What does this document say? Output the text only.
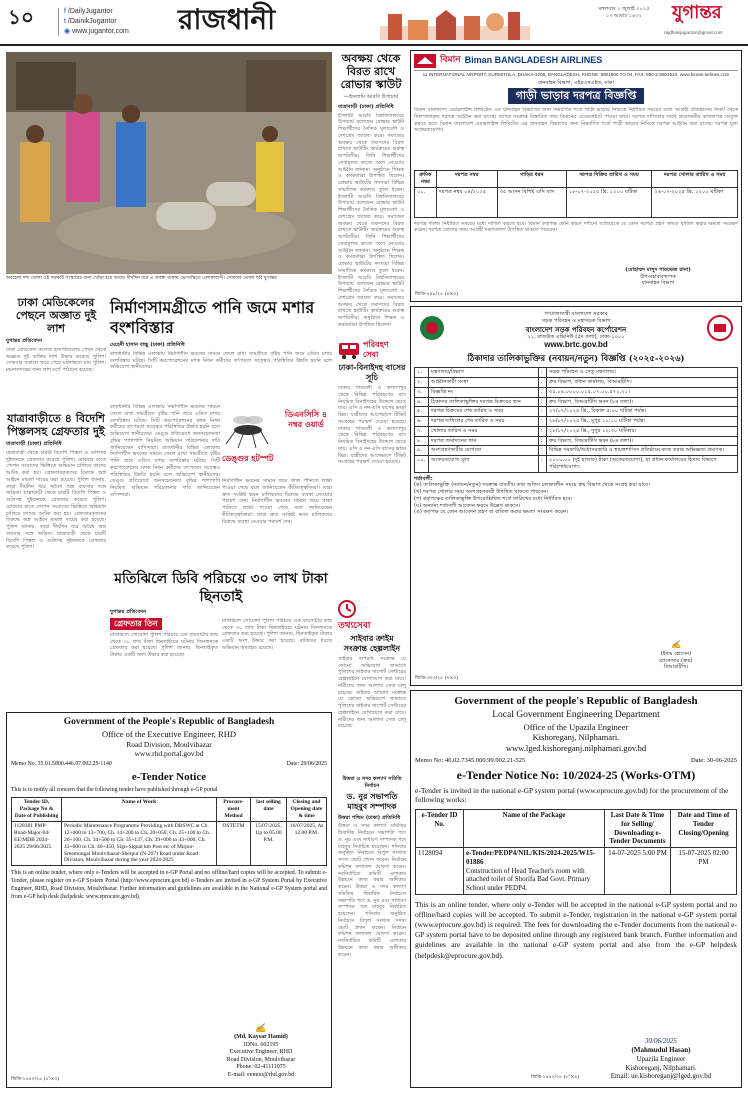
১০	f /DailyJugantor
t /DainikJugantor
◉ www.jugantor.com রাজধানী	মঙ্গলবার ১ জুলাই ২০২৫
১৭ আষাঢ় ১৪৩২	যুগান্তর
rajdhanijugantor@gmail.com
অবহেলা দশা খোলা ওই সড়কটি সংস্কারের জন্য খোঁড়া হয়ে আছে। দীর্ঘদিন ধরে এ অবস্থা থাকায় ভোগান্তিতে এলাকাবাসী। সোমবার তোলা ছবি যুগান্তর
অবক্ষয় থেকে বিরত রাখে রোভার স্কাউট
—ইসলামি আরবি উপাচার্য
যাত্রাবাড়ী (ঢাকা) প্রতিনিধি
ইসলামী আরবি বিশ্ববিদ্যালয়ের উপাচার্য বলেছেন রোভার স্কাউট শিক্ষার্থীদের নৈতিক মূল্যবোধ ও দেশপ্রেম জাগ্রত করে। সমাজের অবক্ষয় থেকে তরুণদের বিরত রাখতে স্কাউটিং কার্যক্রমের গুরুত্ব অপরিসীম। তিনি শিক্ষার্থীদের সেবামূলক কাজে অংশ নেওয়ার আহ্বান জানান। অনুষ্ঠানে শিক্ষক ও কর্মকর্তারা উপস্থিত ছিলেন। রোভার স্কাউটের সদস্যরা বিভিন্ন সামাজিক কর্মকাণ্ড তুলে ধরেন। ইসলামী আরবি বিশ্ববিদ্যালয়ের উপাচার্য বলেছেন রোভার স্কাউট শিক্ষার্থীদের নৈতিক মূল্যবোধ ও দেশপ্রেম জাগ্রত করে। সমাজের অবক্ষয় থেকে তরুণদের বিরত রাখতে স্কাউটিং কার্যক্রমের গুরুত্ব অপরিসীম। তিনি শিক্ষার্থীদের সেবামূলক কাজে অংশ নেওয়ার আহ্বান জানান। অনুষ্ঠানে শিক্ষক ও কর্মকর্তারা উপস্থিত ছিলেন। রোভার স্কাউটের সদস্যরা বিভিন্ন সামাজিক কর্মকাণ্ড তুলে ধরেন। ইসলামী আরবি বিশ্ববিদ্যালয়ের উপাচার্য বলেছেন রোভার স্কাউট শিক্ষার্থীদের নৈতিক মূল্যবোধ ও দেশপ্রেম জাগ্রত করে। সমাজের অবক্ষয় থেকে তরুণদের বিরত রাখতে স্কাউটিং কার্যক্রমের গুরুত্ব অপরিসীম। অনুষ্ঠানে শিক্ষক ও কর্মকর্তারা উপস্থিত ছিলেন।
বিমান Biman BANGLADESH AIRLINES
11 INTERNATIONAL AIRPORT, KURMITOLA, DHAKA-1206, BANGLADESH, PHONE: 8901600 TO 04, FAX: 880-2-8901524, www.biman-airlines.com
যানবাহন বিভাগ, এইচএসএইড, ঢাকা
গাড়ী ভাড়ার দরপত্র বিজ্ঞপ্তি
বিমান বাংলাদেশ এয়ারলাইন্স লিমিটেড এর যানবাহন বিভাগের জন্য নিম্নবর্ণিত শর্তে গাড়ী ভাড়ার নিমিত্তে নির্ধারিত সময়ের মধ্যে আগ্রহী প্রতিষ্ঠানের নিকট থেকে সিলগালাকৃত দরপত্র আহ্বান করা যাচ্ছে। দরপত্র সংক্রান্ত বিস্তারিত তথ্য বিমানের ওয়েবসাইটে পাওয়া যাবে। দরপত্র দাখিলের সাথে প্রয়োজনীয় কাগজপত্র সংযুক্ত করতে হবে। বিমান বাংলাদেশ এয়ারলাইন্স লিমিটেড এর যানবাহন বিভাগের জন্য নিম্নবর্ণিত শর্তে গাড়ী ভাড়ার নিমিত্তে দরপত্র আহ্বান করা যাচ্ছে। দরপত্র মূল্য অফেরতযোগ্য।
ক্রমিক নম্বর	দরপত্র নম্বর	গাড়ির ধরন	দরপত্র বিক্রির তারিখ ও সময়	দরপত্র খোলার তারিখ ও সময়
০১.	দরপত্র নম্বর ০৪/২০২৫	৩৫ আসন বিশিষ্ট এসি বাস	১৮-০৭-২০২৫ খ্রি. ১২০০ ঘটিকা	২৪-০৭-২০২৫ খ্রি. ১২০০ ঘটিকা
দরপত্র দলিল নির্ধারিত সময়ের মধ্যে দাখিল করতে হবে। বিমান কর্তৃপক্ষ কোন কারণ দর্শানো ব্যতিরেকে যে কোন দরপত্র গ্রহণ অথবা বাতিল করার ক্ষমতা সংরক্ষণ করেন। দরপত্র খোলার সময় আগ্রহী দরদাতাগণ উপস্থিত থাকতে পারবেন।
(মোহাম্মদ মাসুদ পারভেজ রানা)
উপ-মহাব্যবস্থাপক
যানবাহন বিভাগ
জিডি-৭৯৮/২৫ (৪×৩)
ঢাকা মেডিকেলের পেছনে অজ্ঞাত দুই লাশ
যুগান্তর প্রতিবেদন
ঢাকা মেডিকেল কলেজ হাসপাতালের পেছন থেকে অজ্ঞাত দুই ব্যক্তির লাশ উদ্ধার করেছে পুলিশ। সোমবার সকালে খবর পেয়ে ঘটনাস্থলে যায় পুলিশ। ময়নাতদন্তের জন্য লাশ মর্গে পাঠানো হয়েছে।
নির্মাণসামগ্রীতে পানি জমে মশার বংশবিস্তার
মেহেদী হাসান বাচ্চু (ঢাকা) প্রতিনিধি
রাজধানীর বিভিন্ন এলাকায় নির্মাণাধীন ভবনের সামনে ফেলে রাখা সামগ্রীতে বৃষ্টির পানি জমে এডিস মশার বংশবিস্তার ঘটছে। সিটি করপোরেশনের মশক নিধন কর্মীদের তৎপরতা সত্ত্বেও পরিস্থিতির উন্নতি হয়নি বলে অভিযোগ স্থানীয়দের।
রাজধানীর বিভিন্ন এলাকায় নির্মাণাধীন ভবনের সামনে ফেলে রাখা সামগ্রীতে বৃষ্টির পানি জমে এডিস মশার বংশবিস্তার ঘটছে। সিটি করপোরেশনের মশক নিধন কর্মীদের তৎপরতা সত্ত্বেও পরিস্থিতির উন্নতি হয়নি বলে অভিযোগ স্থানীয়দের। ডেঙ্গু প্রতিরোধে জনসচেতনতা বৃদ্ধির পাশাপাশি নিয়মিত অভিযান পরিচালনার দাবি জানিয়েছেন বাসিন্দারা। রাজধানীর বিভিন্ন এলাকায় নির্মাণাধীন ভবনের সামনে ফেলে রাখা সামগ্রীতে বৃষ্টির পানি জমে এডিস মশার বংশবিস্তার ঘটছে। সিটি করপোরেশনের মশক নিধন কর্মীদের তৎপরতা সত্ত্বেও পরিস্থিতির উন্নতি হয়নি বলে অভিযোগ স্থানীয়দের। ডেঙ্গু প্রতিরোধে জনসচেতনতা বৃদ্ধির পাশাপাশি নিয়মিত অভিযান পরিচালনার দাবি জানিয়েছেন বাসিন্দারা।
ডেঙ্গুর হটস্পট
ডিএনসিসি ৪ নম্বর ওয়ার্ড
নির্মাণাধীন ভবনের সামনে জমে থাকা পানিতে লার্ভা পাওয়া গেছে বলে জানিয়েছেন কীটতত্ত্ববিদরা। তারা দ্রুত সংশ্লিষ্ট ভবন মালিকদের বিরুদ্ধে ব্যবস্থা নেওয়ার পরামর্শ দেন। নির্মাণাধীন ভবনের সামনে জমে থাকা পানিতে লার্ভা পাওয়া গেছে বলে জানিয়েছেন কীটতত্ত্ববিদরা। তারা দ্রুত সংশ্লিষ্ট ভবন মালিকদের বিরুদ্ধে ব্যবস্থা নেওয়ার পরামর্শ দেন।
যাত্রাবাড়ীতে ৪ বিদেশি পিস্তলসহ গ্রেফতার দুই
যাত্রাবাড়ী (ঢাকা) প্রতিনিধি
যাত্রাবাড়ী থেকে চারটি বিদেশি পিস্তল ও গুলিসহ দুইজনকে গ্রেফতার করেছে পুলিশ। রোববার রাতে গোপন সংবাদের ভিত্তিতে অভিযান চালিয়ে তাদের আটক করা হয়। গ্রেফতারকৃতদের বিরুদ্ধে অস্ত্র আইনে মামলা দায়ের করা হয়েছে। পুলিশ জানায়, তারা দীর্ঘদিন ধরে অবৈধ অস্ত্র ব্যবসার সঙ্গে জড়িত। যাত্রাবাড়ী থেকে চারটি বিদেশি পিস্তল ও গুলিসহ দুইজনকে গ্রেফতার করেছে পুলিশ। রোববার রাতে গোপন সংবাদের ভিত্তিতে অভিযান চালিয়ে তাদের আটক করা হয়। গ্রেফতারকৃতদের বিরুদ্ধে অস্ত্র আইনে মামলা দায়ের করা হয়েছে। পুলিশ জানায়, তারা দীর্ঘদিন ধরে অবৈধ অস্ত্র ব্যবসার সঙ্গে জড়িত। যাত্রাবাড়ী থেকে চারটি বিদেশি পিস্তল ও গুলিসহ দুইজনকে গ্রেফতার করেছে পুলিশ।
মতিঝিলে ডিবি পরিচয়ে ৩০ লাখ টাকা ছিনতাই
যুগান্তর প্রতিবেদন
গ্রেফতার তিন
মতিঝিলে গোয়েন্দা পুলিশ পরিচয়ে এক ব্যবসায়ীর কাছ থেকে ৩০ লাখ টাকা ছিনতাইয়ের ঘটনায় তিনজনকে গ্রেফতার করা হয়েছে। পুলিশ জানায়, ছিনতাইকৃত টাকার একটি অংশ উদ্ধার করা হয়েছে।
মতিঝিলে গোয়েন্দা পুলিশ পরিচয়ে এক ব্যবসায়ীর কাছ থেকে ৩০ লাখ টাকা ছিনতাইয়ের ঘটনায় তিনজনকে গ্রেফতার করা হয়েছে। পুলিশ জানায়, ছিনতাইকৃত টাকার একটি অংশ উদ্ধার করা হয়েছে। বাকিদের ধরতে অভিযান অব্যাহত রয়েছে।
পরিবহণ
সেবা
ঢাকা-বিনাইদহ বাসের সূচি
ঢাকার গাবতলী ও কল্যাণপুর থেকে বিভিন্ন পরিবহণের বাস নিয়মিত বিনাইদহের উদ্দেশে ছেড়ে যায়। এসি ও নন-এসি বাসের ভাড়া ভিন্ন। যাত্রীদের আগেভাগে টিকিট সংগ্রহের পরামর্শ দেওয়া হয়েছে। ঢাকার গাবতলী ও কল্যাণপুর থেকে বিভিন্ন পরিবহণের বাস নিয়মিত বিনাইদহের উদ্দেশে ছেড়ে যায়। এসি ও নন-এসি বাসের ভাড়া ভিন্ন। যাত্রীদের আগেভাগে টিকিট সংগ্রহের পরামর্শ দেওয়া হয়েছে।
তথ্যসেবা
সাইবার ক্রাইম সংক্রান্ত হেল্পলাইন
সাইবার অপরাধ সংক্রান্ত যে কোনো অভিযোগ জানাতে পুলিশের সাইবার সাপোর্ট সেন্টারের হেল্পলাইনে যোগাযোগ করা যাবে। নারীদের জন্য আলাদা সেবা চালু রয়েছে। সাইবার অপরাধ সংক্রান্ত যে কোনো অভিযোগ জানাতে পুলিশের সাইবার সাপোর্ট সেন্টারের হেল্পলাইনে যোগাযোগ করা যাবে। নারীদের জন্য আলাদা সেবা চালু রয়েছে।
উত্তরা ও সদর কল্যাণ সমিতি নির্বাচন
ড. নুর সভাপতি মাহবুব সম্পাদক
উত্তরা পশ্চিম (ঢাকা) প্রতিনিধি
উত্তরা ও সদর কল্যাণ সমিতির দ্বিবার্ষিক নির্বাচনে সভাপতি পদে ড. নুর এবং সাধারণ সম্পাদক পদে মাহবুব নির্বাচিত হয়েছেন। শনিবার অনুষ্ঠিত নির্বাচনে বিপুল সংখ্যক সদস্য ভোট প্রদান করেন। নির্বাচন কমিশন ফলাফল ঘোষণা করেন। নবনির্বাচিত কমিটি এলাকার উন্নয়নে কাজ করার অঙ্গীকার করেন। উত্তরা ও সদর কল্যাণ সমিতির দ্বিবার্ষিক নির্বাচনে সভাপতি পদে ড. নুর এবং সাধারণ সম্পাদক পদে মাহবুব নির্বাচিত হয়েছেন। শনিবার অনুষ্ঠিত নির্বাচনে বিপুল সংখ্যক সদস্য ভোট প্রদান করেন। নির্বাচন কমিশন ফলাফল ঘোষণা করেন। নবনির্বাচিত কমিটি এলাকার উন্নয়নে কাজ করার অঙ্গীকার করেন।
গণপ্রজাতন্ত্রী বাংলাদেশ সরকার
সড়ক পরিবহন ও মহাসড়ক বিভাগ
বাংলাদেশ সড়ক পরিবহন কর্পোরেশন
২১, রাজউক এভিনিউ (৫ম তলা), ঢাকা-১০০০
www.brtc.gov.bd
ঠিকাদার তালিকাভুক্তির (নবায়ন/নতুন) বিজ্ঞপ্তি (২০২৫-২০২৬)
১.	মন্ত্রণালয়/বিভাগ	:	সড়ক পরিবহন ও সেতু মন্ত্রণালয়।
২.	আহ্বানকারী সংস্থা	:	ক্রয় বিভাগ, প্রধান কার্যালয়, বিআরটিসি।
৩.	বিজ্ঞপ্তি নং	:	৩৫.০৪.০০০০.০১৫.০৭.০০.৫৭২.২১।
৪.	ঠিকাদার তালিকাভুক্তির দরপত্র বিক্রয়ের স্থান	:	ক্রয় বিভাগ, বিআরটিসি ভবন (৮ম তলা)।
৫.	দরপত্র বিক্রয়ের শেষ তারিখ ও সময়	:	২৭/০৭/২০২৫ খ্রি., বিকাল ৫:০০ ঘটিকা পর্যন্ত।
৬.	দরপত্র দাখিলের শেষ তারিখ ও সময়	:	২৮/০৭/২০২৫ খ্রি., দুপুর ১২:০০ ঘটিকা পর্যন্ত।
৭.	খোলার তারিখ ও সময়	:	২৮/০৭/২০২৫ খ্রি., দুপুর ১২:৩০ ঘটিকায়।
৮.	দরপত্র জমাদানের স্থান	:	ক্রয় বিভাগ, বিআরটিসি ভবন (৮ম তলা)।
৯.	অংশগ্রহণকারীর যোগ্যতা	:	বিভিন্ন সরকারি/আধাসরকারি ও স্বায়ত্তশাসিত প্রতিষ্ঠানে কাজ করার অভিজ্ঞতা প্রমাণক।
১০.	অফেরতযোগ্য মূল্য	:	২০০০.০০ (দুই হাজার) টাকা (অফেরতযোগ্য), যা প্রধান কার্যালয়ের হিসাব বিভাগে পরিশোধযোগ্য।
শর্তাবলী:
(ক) তালিকাভুক্তি (নবায়ন/নতুন) সংক্রান্ত যাবতীয় তথ্য অফিস চলাকালীন সময়ে ক্রয় বিভাগ থেকে সংগ্রহ করা যাবে।
(খ) দরপত্র খোলার সময় অংশগ্রহণকারী উপস্থিত থাকতে পারবেন।
(গ) কর্তৃপক্ষের তালিকাভুক্তি উপরোল্লিখিত শর্তে তারিখের মধ্যে নির্ধারিত হবে।
(ঘ) অন্যান্য শর্তাবলী আবেদন ফরমে উল্লেখ থাকবে।
(ঙ) কর্তৃপক্ষ যে কোন আবেদন গ্রহণ বা বাতিল করার ক্ষমতা সংরক্ষণ করেন।
✍
(ইমাম হোসেন)
ম্যানেজার (ক্রয়)
বিআরটিসি।
জিডি-৩০৩/২৫ (৭×৩)
Government of the people's Republic of Bangladesh
Local Government Engineering Department
Office of the Upazila Engineer
Kishoreganj, Nilphamari.
www.lged.kishoreganj.nilphamari.gov.bd
Memo No: 46.02.7345.000.99.002.21-525	Date: 30-06-2025
e-Tender Notice No: 10/2024-25 (Works-OTM)
e-Tender is invited in the national e-GP system portal (www.eprocure.gov.bd) for the procurement of the following works:
e-Tender ID No.	Name of the Package	Last Date & Time for Selling/ Downloading e-Tender Documents	Date and Time of Tender Closing/Opening
1128094	e-Tender/PEDP4/NIL/KIS/2024-2025/W15-01886
Construction of Head Teacher's room with attached toilet of Shorifa Bad Govt. Primary School under PEDP4.	14-07-2025 5:00 PM	15-07-2025 02:00 PM
This is an online tender, where only e-Tender will be accepted in the national e-GP system portal and no offline/hard copies will be accepted. To submit e-Tender, registration in the national e-GP system portal (www.eprocure.gov.bd) is required. The fees for downloading the e-Tender documents from the national e-GP system portal have to be deposited online through any registered bank branch. Further information and guidelines are available in the national e-GP system portal and also from the e-GP helpdesk (helpdesk@eprocure.gov.bd).
30/06/2025
(Mahmudul Hasan)
Upazila Engineer
Kishoreganj, Nilphamari.
Email: ue.kishoreganj@lged.gov.bd
জিডি-১৪৪২/২৫ (৮"×৪)
Government of the People's Republic of Bangladesh
Office of the Executive Engineer, RHD
Road Division, Moulvibazar
www.rhd.portal.gov.bd
Memo No. 35.01.5800.446.07.002.25-1140	Date: 29/06/2025
e-Tender Notice
This is to notify all concern that the following tender have published through e-GP portal
Tender ID, Package No & Date of Publishing	Name of Work	Procure-ment Method	last selling date	Closing and Opening date & time
1128381 PMP-Road-Major-04/ EE/MDB 2024-2025 29/06/2025	Periodic Maintenance Programme Providing with DBSWC at Ch. 12+000 to 13+700, Ch. 14+200 to Ch. 20+050, Ch. 25+100 to Ch. 26+100, Ch. 34+500 to Ch. 35+137, Ch. 39+000 to 43+000, Ch. 43+000 to Ch. 46+450, Sign-Signal km Post etc of Mirpur-Sreemongal Moulvibazar-Sherpur (N-207) Road under Road Division, Moulvibazar during the year 2024-2025	OSTETM	15/07/2025, Up to 05.00 P.M.	16/07/2025, At 12.00 P.M.
This is an online tender, where only e-Tenders will be accepted in e-GP Portal and no offline/hard copies will be accepted. To submit e-Tender, please register on e-GP System Portal (http://www.eprocure.gov.bd) e-Tenders are invited in e-GP System Portal by Executive Engineer, RHD, Road Division, Moulvibazar. Further information and guidelines are available in the National e-GP System portal and from e-GP help desk (helpdesk: www.eprocure.gov.bd).
✍
(Md. Kaysar Hamid)
IDNo. 602195
Executive Engineer, RHD
Road Division, Moulvibazar
Phone: 02-41111075
E-mail: eemou@rhd.gov.bd
জিডি-১৪৪০/২৫ (৫"×৩)
